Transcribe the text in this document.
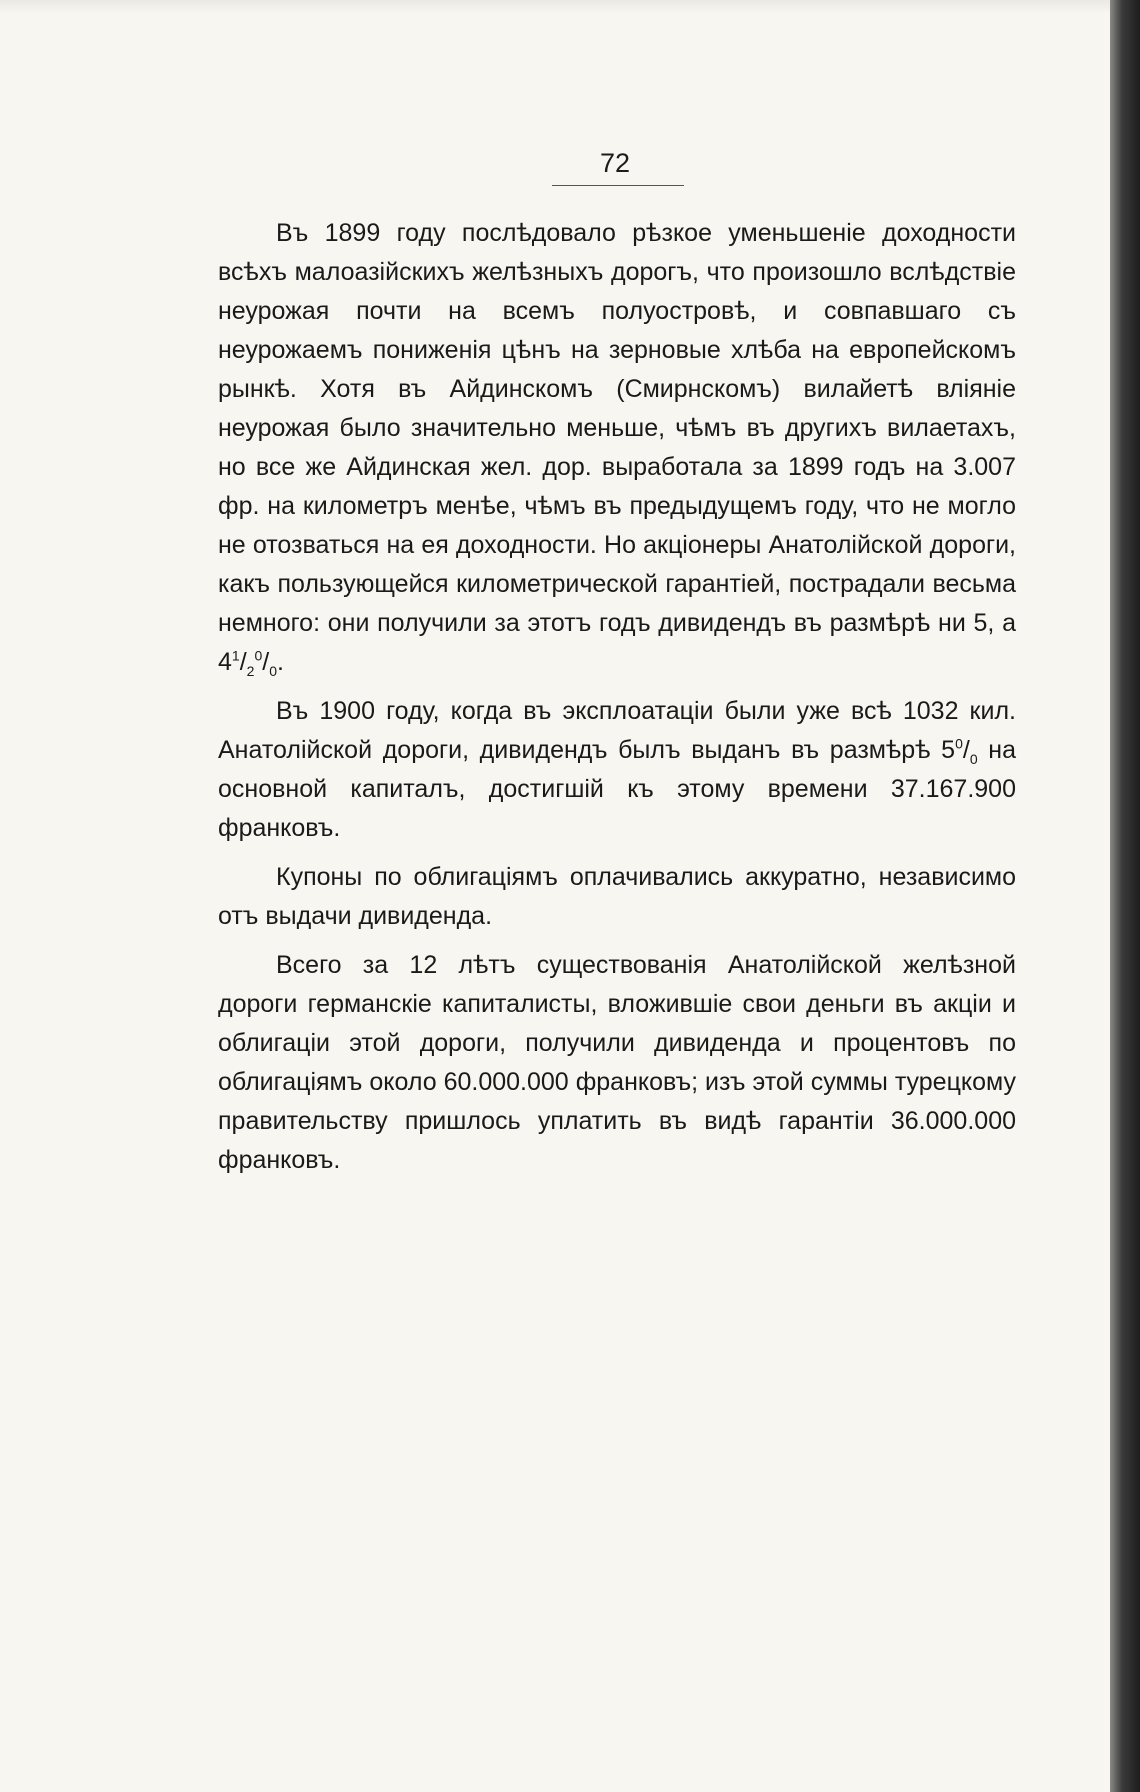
72

Въ 1899 году послѣдовало рѣзкое уменьшеніе доходности всѣхъ малоазійскихъ желѣзныхъ дорогъ, что произошло вслѣдствіе неурожая почти на всемъ полуостровѣ, и совпавшаго съ неурожаемъ пониженія цѣнъ на зерновые хлѣба на европейскомъ рынкѣ. Хотя въ Айдинскомъ (Смирнскомъ) вилайетѣ вліяніе неурожая было значительно меньше, чѣмъ въ другихъ вилаетахъ, но все же Айдинская жел. дор. выработала за 1899 годъ на 3.007 фр. на километръ менѣе, чѣмъ въ предыдущемъ году, что не могло не отозваться на ея доходности. Но акціонеры Анатолійской дороги, какъ пользующейся километрической гарантіей, пострадали весьма немного: они получили за этотъ годъ дивидендъ въ размѣрѣ ни 5, а $4^1/_2^0/_0$.

Въ 1900 году, когда въ эксплоатаціи были уже всѣ 1032 кил. Анатолійской дороги, дивидендъ былъ выданъ въ размѣрѣ $5^0/_0$ на основной капиталъ, достигшій къ этому времени 37.167.900 франковъ.

Купоны по облигаціямъ оплачивались аккуратно, независимо отъ выдачи дивиденда.

Всего за 12 лѣтъ существованія Анатолійской желѣзной дороги германскіе капиталисты, вложившіе свои деньги въ акціи и облигаціи этой дороги, получили дивиденда и процентовъ по облигаціямъ около 60.000.000 франковъ; изъ этой суммы турецкому правительству пришлось уплатить въ видѣ гарантіи 36.000.000 франковъ.
